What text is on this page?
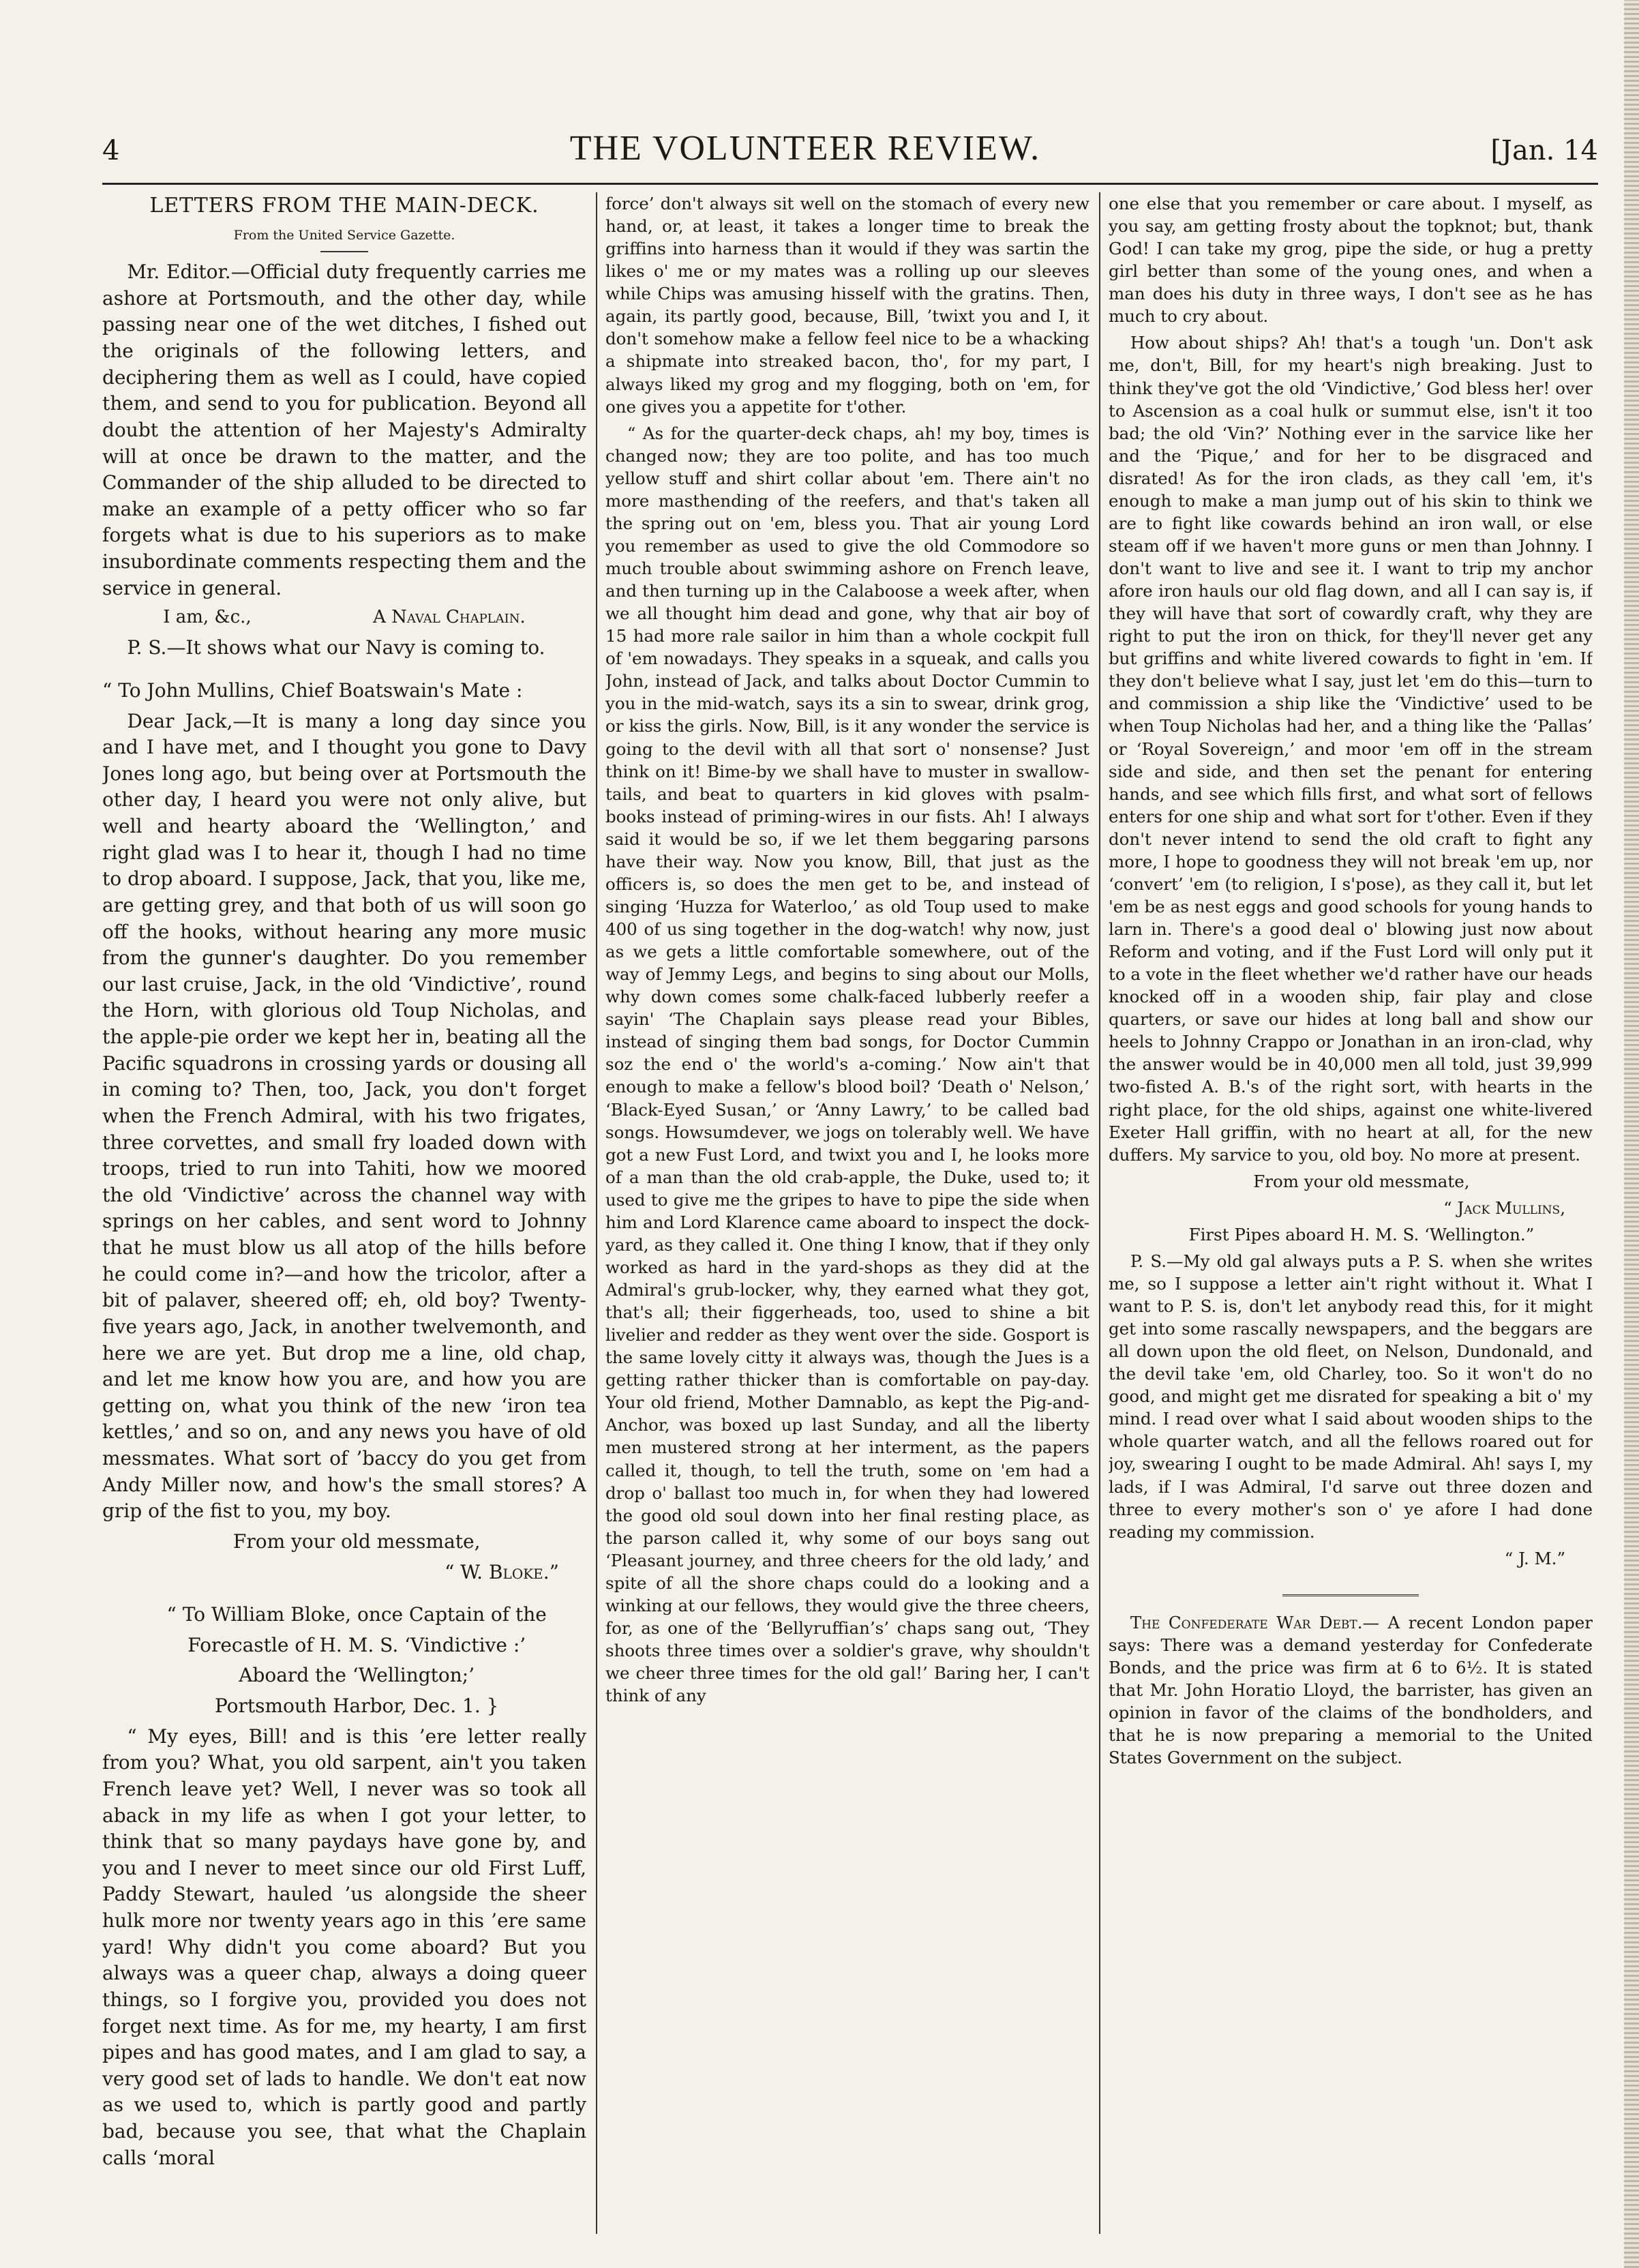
4	THE VOLUNTEER REVIEW.	[Jan. 14
LETTERS FROM THE MAIN-DECK.
From the United Service Gazette.

Mr. Editor.—Official duty frequently carries me ashore at Portsmouth, and the other day, while passing near one of the wet ditches, I fished out the originals of the following letters, and deciphering them as well as I could, have copied them, and send to you for publication. Beyond all doubt the attention of her Majesty's Admiralty will at once be drawn to the matter, and the Commander of the ship alluded to be directed to make an example of a petty officer who so far forgets what is due to his superiors as to make insubordinate comments respecting them and the service in general.

I am, &c.,	A Naval Chaplain.

P. S.—It shows what our Navy is coming to.

“ To John Mullins, Chief Boatswain's Mate :

Dear Jack,—It is many a long day since you and I have met, and I thought you gone to Davy Jones long ago, but being over at Portsmouth the other day, I heard you were not only alive, but well and hearty aboard the ‘Wellington,’ and right glad was I to hear it, though I had no time to drop aboard. I suppose, Jack, that you, like me, are getting grey, and that both of us will soon go off the hooks, without hearing any more music from the gunner's daughter. Do you remember our last cruise, Jack, in the old ‘Vindictive’, round the Horn, with glorious old Toup Nicholas, and the apple-pie order we kept her in, beating all the Pacific squadrons in crossing yards or dousing all in coming to? Then, too, Jack, you don't forget when the French Admiral, with his two frigates, three corvettes, and small fry loaded down with troops, tried to run into Tahiti, how we moored the old ‘Vindictive’ across the channel way with springs on her cables, and sent word to Johnny that he must blow us all atop of the hills before he could come in?—and how the tricolor, after a bit of palaver, sheered off; eh, old boy? Twenty-five years ago, Jack, in another twelvemonth, and here we are yet. But drop me a line, old chap, and let me know how you are, and how you are getting on, what you think of the new ‘iron tea kettles,’ and so on, and any news you have of old messmates. What sort of ’baccy do you get from Andy Miller now, and how's the small stores? A grip of the fist to you, my boy.

From your old messmate,

“ W. Bloke.”

“ To William Bloke, once Captain of the

Forecastle of H. M. S. ‘Vindictive :’

Aboard the ‘Wellington;’

Portsmouth Harbor, Dec. 1. }

“ My eyes, Bill! and is this ’ere letter really from you? What, you old sarpent, ain't you taken French leave yet? Well, I never was so took all aback in my life as when I got your letter, to think that so many paydays have gone by, and you and I never to meet since our old First Luff, Paddy Stewart, hauled ’us alongside the sheer hulk more nor twenty years ago in this ’ere same yard! Why didn't you come aboard? But you always was a queer chap, always a doing queer things, so I forgive you, provided you does not forget next time. As for me, my hearty, I am first pipes and has good mates, and I am glad to say, a very good set of lads to handle. We don't eat now as we used to, which is partly good and partly bad, because you see, that what the Chaplain calls ‘moral

force’ don't always sit well on the stomach of every new hand, or, at least, it takes a longer time to break the griffins into harness than it would if they was sartin the likes o' me or my mates was a rolling up our sleeves while Chips was amusing hisself with the gratins. Then, again, its partly good, because, Bill, ’twixt you and I, it don't somehow make a fellow feel nice to be a whacking a shipmate into streaked bacon, tho', for my part, I always liked my grog and my flogging, both on 'em, for one gives you a appetite for t'other.

“ As for the quarter-deck chaps, ah! my boy, times is changed now; they are too polite, and has too much yellow stuff and shirt collar about 'em. There ain't no more masthending of the reefers, and that's taken all the spring out on 'em, bless you. That air young Lord you remember as used to give the old Commodore so much trouble about swimming ashore on French leave, and then turning up in the Calaboose a week after, when we all thought him dead and gone, why that air boy of 15 had more rale sailor in him than a whole cockpit full of 'em nowadays. They speaks in a squeak, and calls you John, instead of Jack, and talks about Doctor Cummin to you in the mid-watch, says its a sin to swear, drink grog, or kiss the girls. Now, Bill, is it any wonder the service is going to the devil with all that sort o' nonsense? Just think on it! Bime-by we shall have to muster in swallow-tails, and beat to quarters in kid gloves with psalm-books instead of priming-wires in our fists. Ah! I always said it would be so, if we let them beggaring parsons have their way. Now you know, Bill, that just as the officers is, so does the men get to be, and instead of singing ‘Huzza for Waterloo,’ as old Toup used to make 400 of us sing together in the dog-watch! why now, just as we gets a little comfortable somewhere, out of the way of Jemmy Legs, and begins to sing about our Molls, why down comes some chalk-faced lubberly reefer a sayin' ‘The Chaplain says please read your Bibles, instead of singing them bad songs, for Doctor Cummin soz the end o' the world's a-coming.’ Now ain't that enough to make a fellow's blood boil? ‘Death o' Nelson,’ ‘Black-Eyed Susan,’ or ‘Anny Lawry,’ to be called bad songs. Howsumdever, we jogs on tolerably well. We have got a new Fust Lord, and twixt you and I, he looks more of a man than the old crab-apple, the Duke, used to; it used to give me the gripes to have to pipe the side when him and Lord Klarence came aboard to inspect the dock-yard, as they called it. One thing I know, that if they only worked as hard in the yard-shops as they did at the Admiral's grub-locker, why, they earned what they got, that's all; their figgerheads, too, used to shine a bit livelier and redder as they went over the side. Gosport is the same lovely citty it always was, though the Jues is a getting rather thicker than is comfortable on pay-day. Your old friend, Mother Damnablo, as kept the Pig-and-Anchor, was boxed up last Sunday, and all the liberty men mustered strong at her interment, as the papers called it, though, to tell the truth, some on 'em had a drop o' ballast too much in, for when they had lowered the good old soul down into her final resting place, as the parson called it, why some of our boys sang out ‘Pleasant journey, and three cheers for the old lady,’ and spite of all the shore chaps could do a looking and a winking at our fellows, they would give the three cheers, for, as one of the ‘Bellyruffian’s’ chaps sang out, ‘They shoots three times over a soldier's grave, why shouldn't we cheer three times for the old gal!’ Baring her, I can't think of any

one else that you remember or care about. I myself, as you say, am getting frosty about the topknot; but, thank God! I can take my grog, pipe the side, or hug a pretty girl better than some of the young ones, and when a man does his duty in three ways, I don't see as he has much to cry about.

How about ships? Ah! that's a tough 'un. Don't ask me, don't, Bill, for my heart's nigh breaking. Just to think they've got the old ‘Vindictive,’ God bless her! over to Ascension as a coal hulk or summut else, isn't it too bad; the old ‘Vin?’ Nothing ever in the sarvice like her and the ‘Pique,’ and for her to be disgraced and disrated! As for the iron clads, as they call 'em, it's enough to make a man jump out of his skin to think we are to fight like cowards behind an iron wall, or else steam off if we haven't more guns or men than Johnny. I don't want to live and see it. I want to trip my anchor afore iron hauls our old flag down, and all I can say is, if they will have that sort of cowardly craft, why they are right to put the iron on thick, for they'll never get any but griffins and white livered cowards to fight in 'em. If they don't believe what I say, just let 'em do this—turn to and commission a ship like the ‘Vindictive’ used to be when Toup Nicholas had her, and a thing like the ‘Pallas’ or ‘Royal Sovereign,’ and moor 'em off in the stream side and side, and then set the penant for entering hands, and see which fills first, and what sort of fellows enters for one ship and what sort for t'other. Even if they don't never intend to send the old craft to fight any more, I hope to goodness they will not break 'em up, nor ‘convert’ 'em (to religion, I s'pose), as they call it, but let 'em be as nest eggs and good schools for young hands to larn in. There's a good deal o' blowing just now about Reform and voting, and if the Fust Lord will only put it to a vote in the fleet whether we'd rather have our heads knocked off in a wooden ship, fair play and close quarters, or save our hides at long ball and show our heels to Johnny Crappo or Jonathan in an iron-clad, why the answer would be in 40,000 men all told, just 39,999 two-fisted A. B.'s of the right sort, with hearts in the right place, for the old ships, against one white-livered Exeter Hall griffin, with no heart at all, for the new duffers. My sarvice to you, old boy. No more at present.

From your old messmate,

“ Jack Mullins,

First Pipes aboard H. M. S. ‘Wellington.”

P. S.—My old gal always puts a P. S. when she writes me, so I suppose a letter ain't right without it. What I want to P. S. is, don't let anybody read this, for it might get into some rascally newspapers, and the beggars are all down upon the old fleet, on Nelson, Dundonald, and the devil take 'em, old Charley, too. So it won't do no good, and might get me disrated for speaking a bit o' my mind. I read over what I said about wooden ships to the whole quarter watch, and all the fellows roared out for joy, swearing I ought to be made Admiral. Ah! says I, my lads, if I was Admiral, I'd sarve out three dozen and three to every mother's son o' ye afore I had done reading my commission.

“ J. M.”

The Confederate War Debt.— A recent London paper says: There was a demand yesterday for Confederate Bonds, and the price was firm at 6 to 6½. It is stated that Mr. John Horatio Lloyd, the barrister, has given an opinion in favor of the claims of the bondholders, and that he is now preparing a memorial to the United States Government on the subject.
